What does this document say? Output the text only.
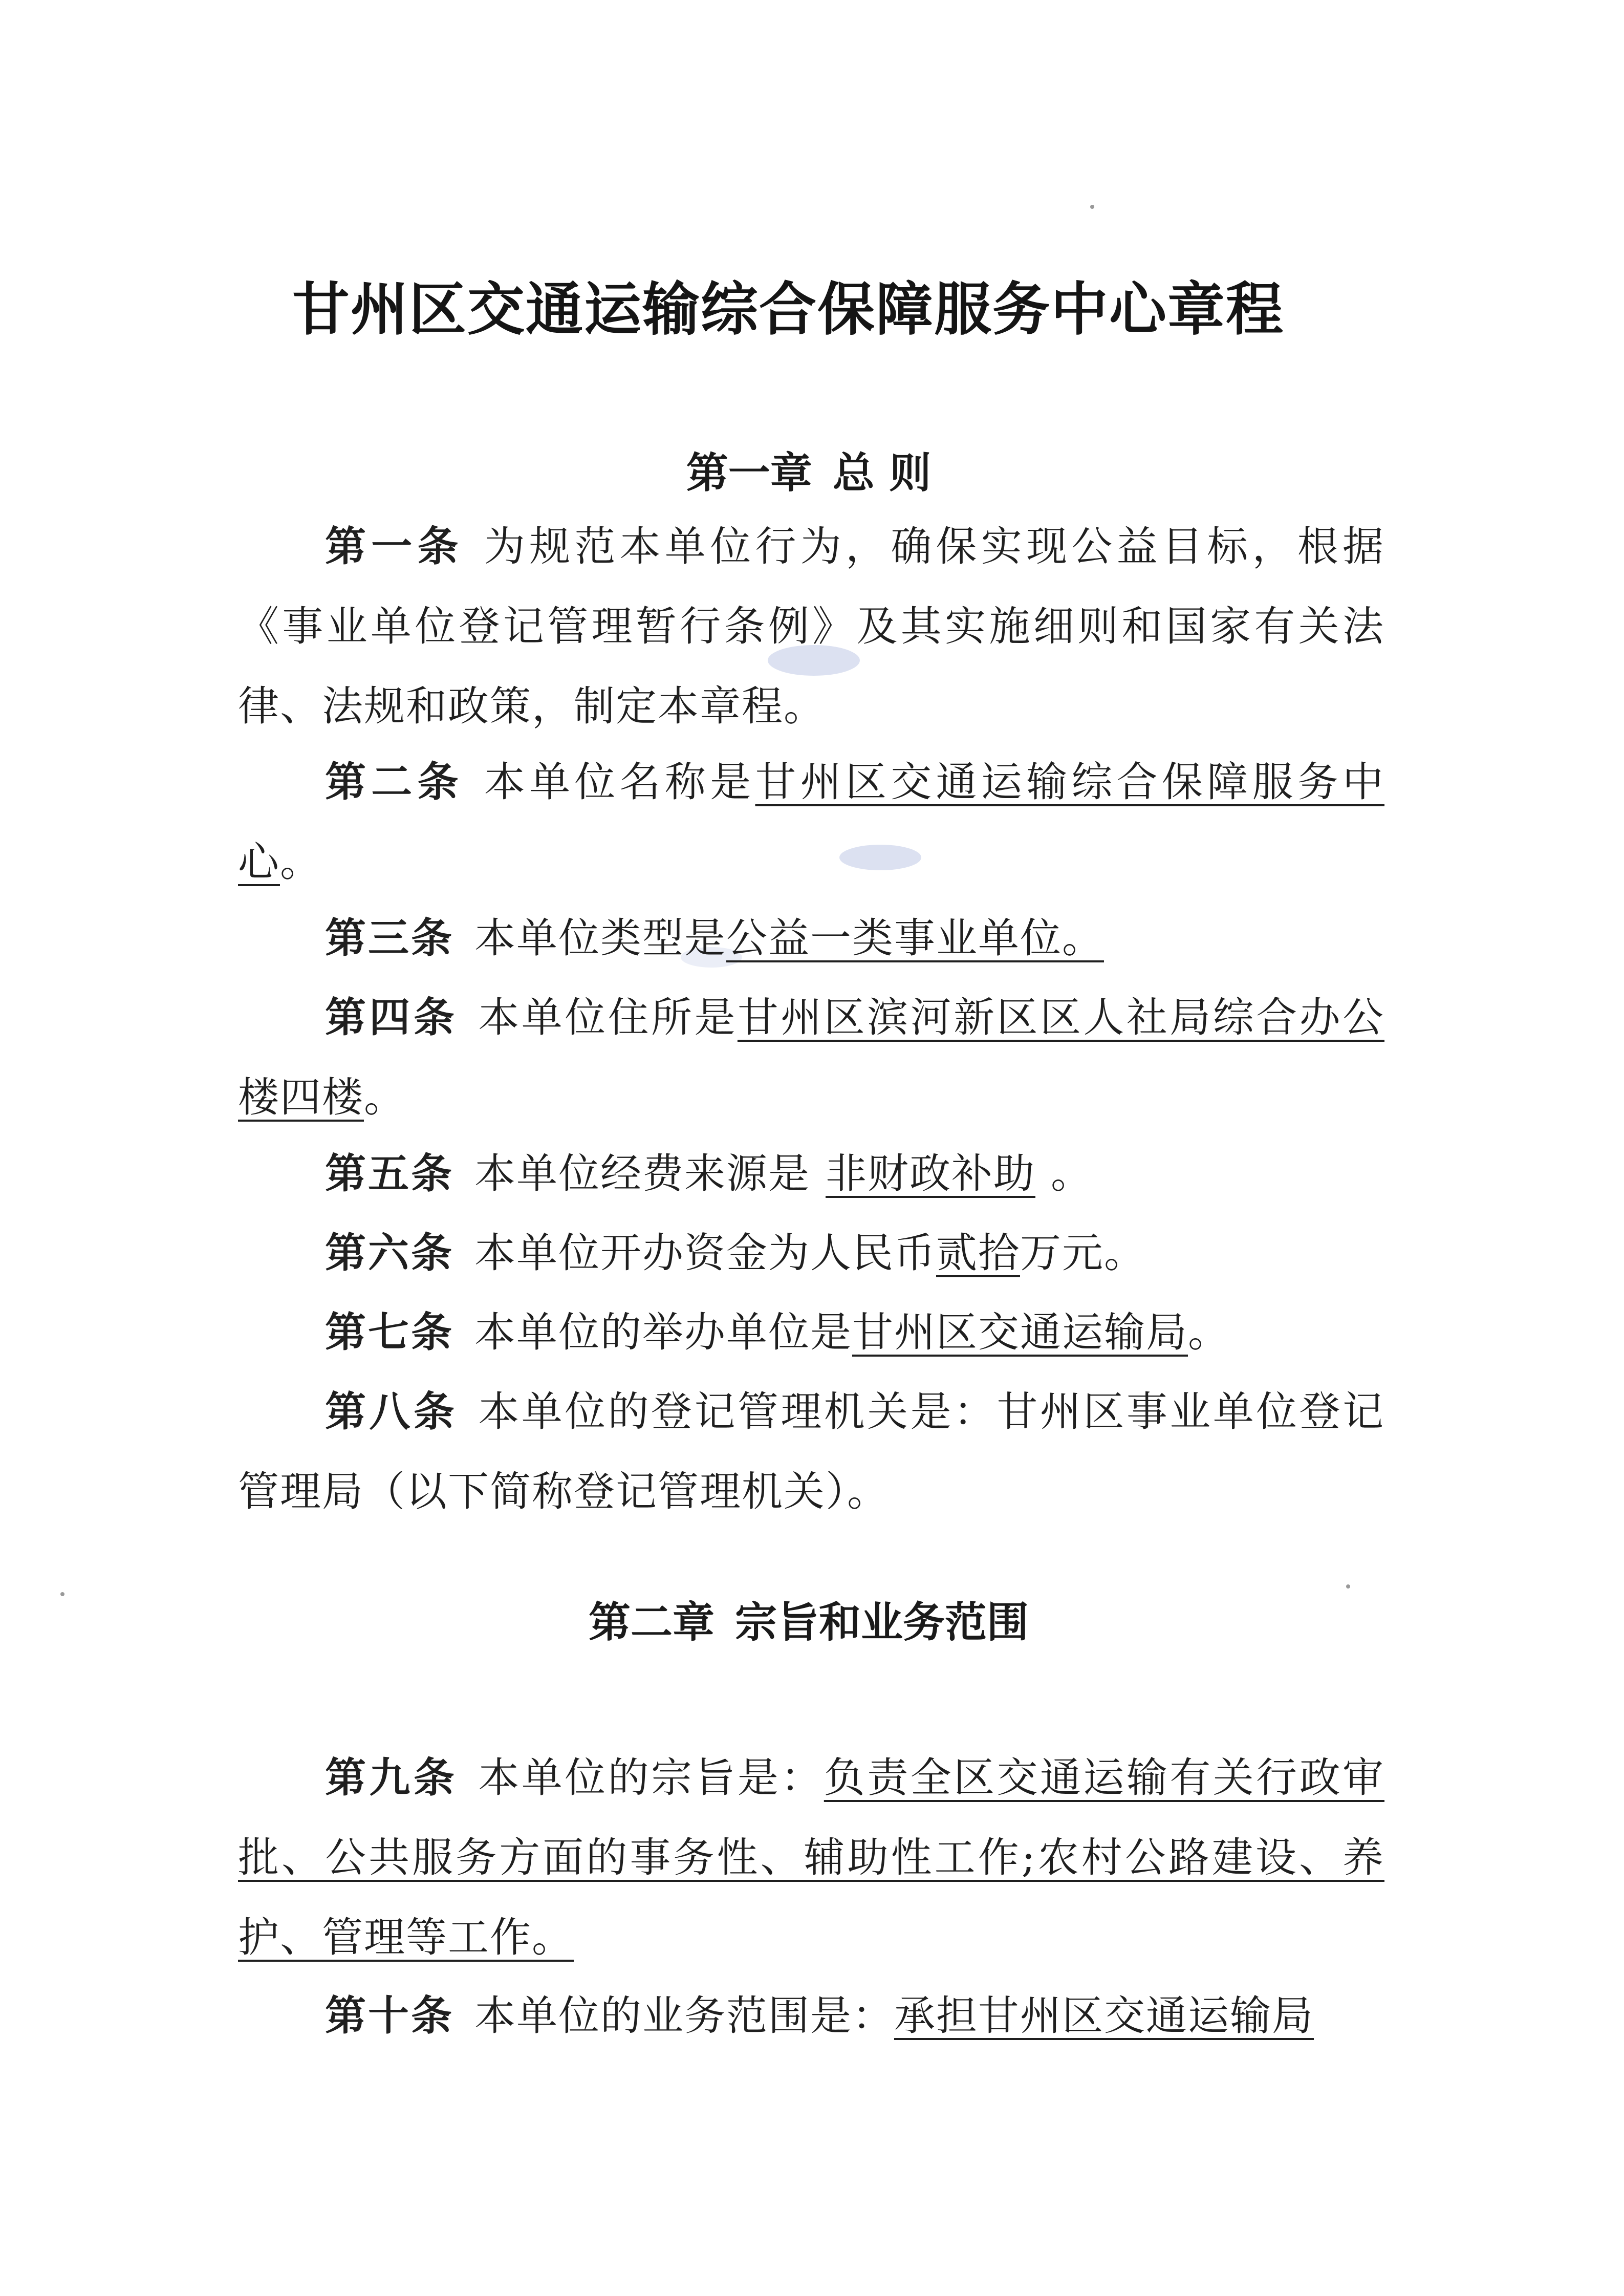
甘州区交通运输综合保障服务中心章程
第一章 总 则
第一条 为规范本单位行为，确保实现公益目标，根据《事业单位登记管理暂行条例》及其实施细则和国家有关法律、法规和政策，制定本章程。
第二条 本单位名称是甘州区交通运输综合保障服务中心。
第三条 本单位类型是公益一类事业单位。
第四条 本单位住所是甘州区滨河新区区人社局综合办公楼四楼。
第五条 本单位经费来源是 非财政补助 。
第六条 本单位开办资金为人民币贰拾万元。
第七条 本单位的举办单位是甘州区交通运输局。
第八条 本单位的登记管理机关是：甘州区事业单位登记管理局（以下简称登记管理机关）。
第二章 宗旨和业务范围
第九条 本单位的宗旨是：负责全区交通运输有关行政审批、公共服务方面的事务性、辅助性工作;农村公路建设、养护、管理等工作。
第十条 本单位的业务范围是：承担甘州区交通运输局
